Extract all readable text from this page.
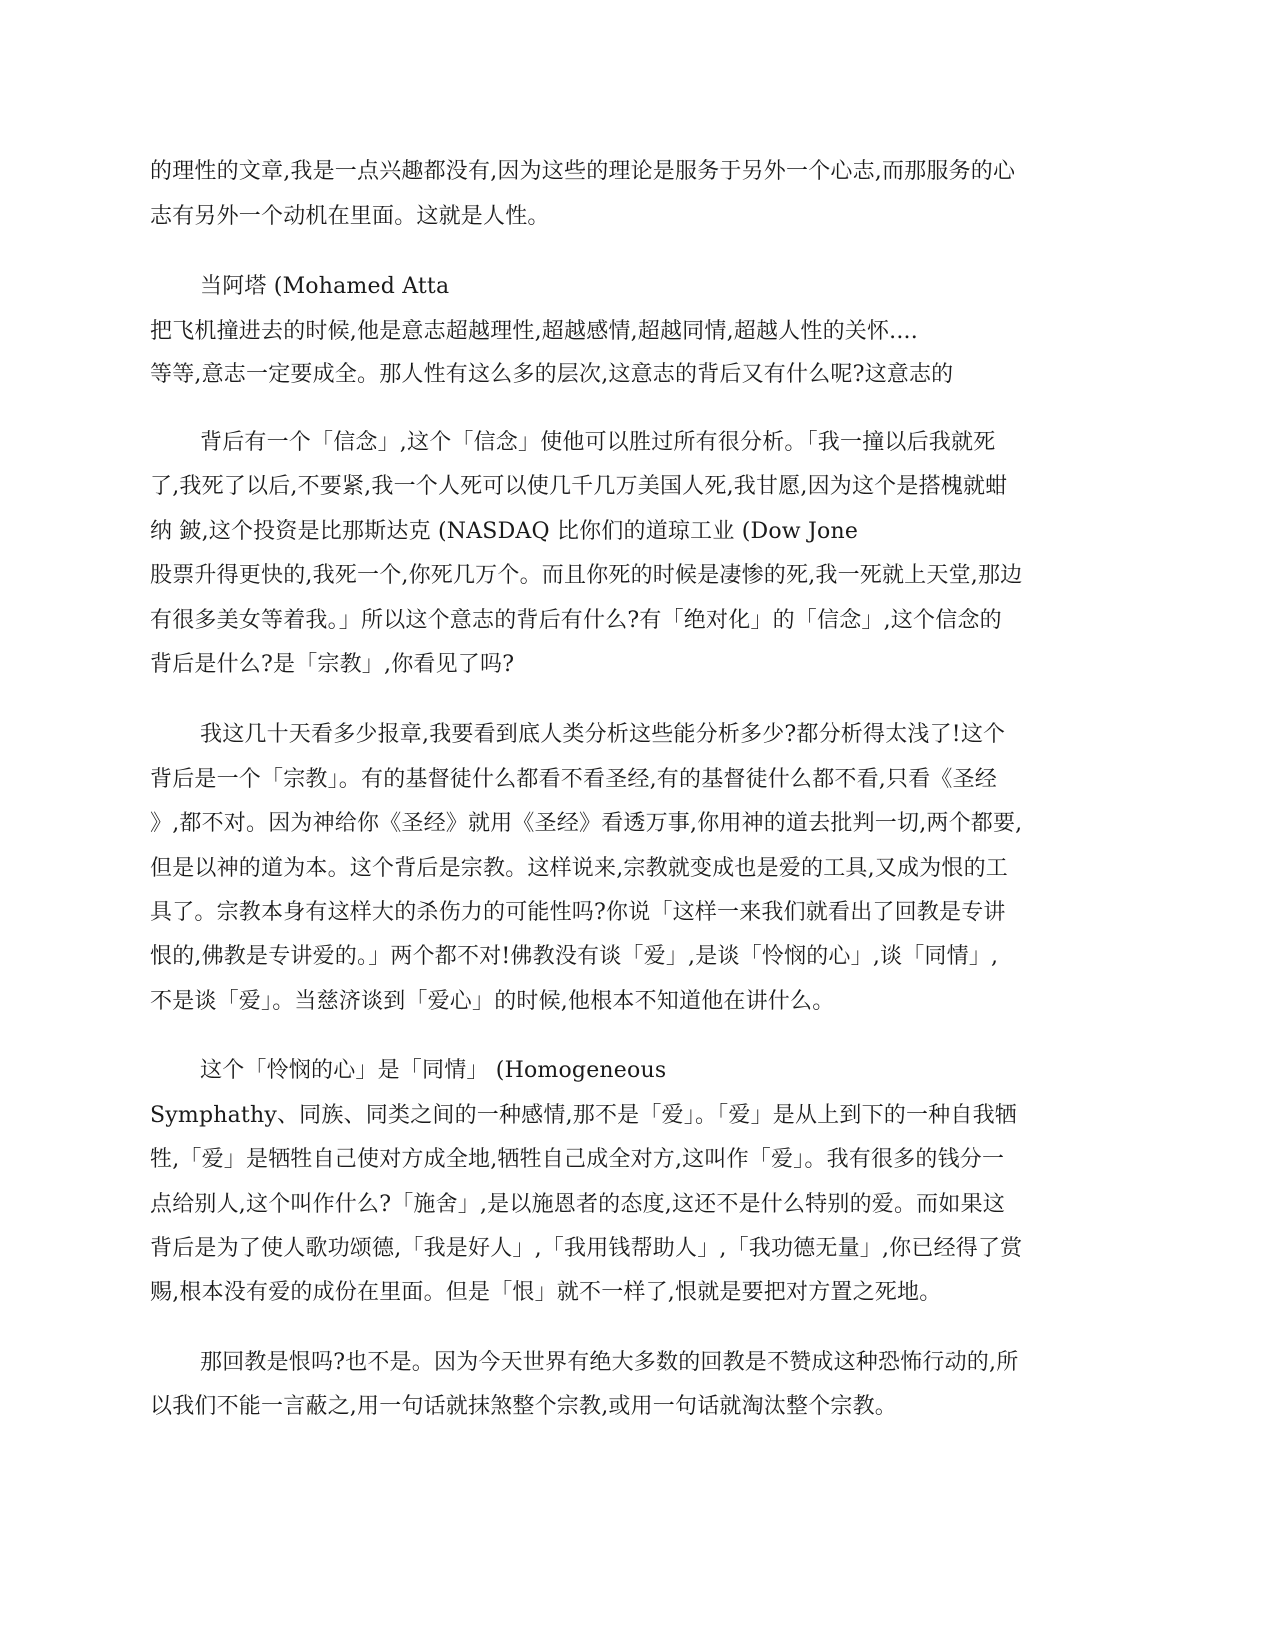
的理性的文章,我是一点兴趣都没有,因为这些的理论是服务于另外一个心志,而那服务的心
志有另外一个动机在里面。这就是人性。
当阿塔 (Mohamed Atta
把飞机撞进去的时候,他是意志超越理性,超越感情,超越同情,超越人性的关怀....
等等,意志一定要成全。那人性有这么多的层次,这意志的背后又有什么呢?这意志的
背后有一个「信念」,这个「信念」使他可以胜过所有很分析。「我一撞以后我就死
了,我死了以后,不要紧,我一个人死可以使几千几万美国人死,我甘愿,因为这个是搭槐就蚶
纳 鈹,这个投资是比那斯达克 (NASDAQ 比你们的道琼工业 (Dow Jone
股票升得更快的,我死一个,你死几万个。而且你死的时候是凄惨的死,我一死就上天堂,那边
有很多美女等着我。」所以这个意志的背后有什么?有「绝对化」的「信念」,这个信念的
背后是什么?是「宗教」,你看见了吗?
我这几十天看多少报章,我要看到底人类分析这些能分析多少?都分析得太浅了!这个
背后是一个「宗教」。有的基督徒什么都看不看圣经,有的基督徒什么都不看,只看《圣经
》,都不对。因为神给你《圣经》就用《圣经》看透万事,你用神的道去批判一切,两个都要,
但是以神的道为本。这个背后是宗教。这样说来,宗教就变成也是爱的工具,又成为恨的工
具了。宗教本身有这样大的杀伤力的可能性吗?你说「这样一来我们就看出了回教是专讲
恨的,佛教是专讲爱的。」两个都不对!佛教没有谈「爱」,是谈「怜悯的心」,谈「同情」,
不是谈「爱」。当慈济谈到「爱心」的时候,他根本不知道他在讲什么。
这个「怜悯的心」是「同情」 (Homogeneous
Symphathy、同族、同类之间的一种感情,那不是「爱」。「爱」是从上到下的一种自我牺
牲,「爱」是牺牲自己使对方成全地,牺牲自己成全对方,这叫作「爱」。我有很多的钱分一
点给别人,这个叫作什么?「施舍」,是以施恩者的态度,这还不是什么特别的爱。而如果这
背后是为了使人歌功颂德,「我是好人」,「我用钱帮助人」,「我功德无量」,你已经得了赏
赐,根本没有爱的成份在里面。但是「恨」就不一样了,恨就是要把对方置之死地。
那回教是恨吗?也不是。因为今天世界有绝大多数的回教是不赞成这种恐怖行动的,所
以我们不能一言蔽之,用一句话就抹煞整个宗教,或用一句话就淘汰整个宗教。
